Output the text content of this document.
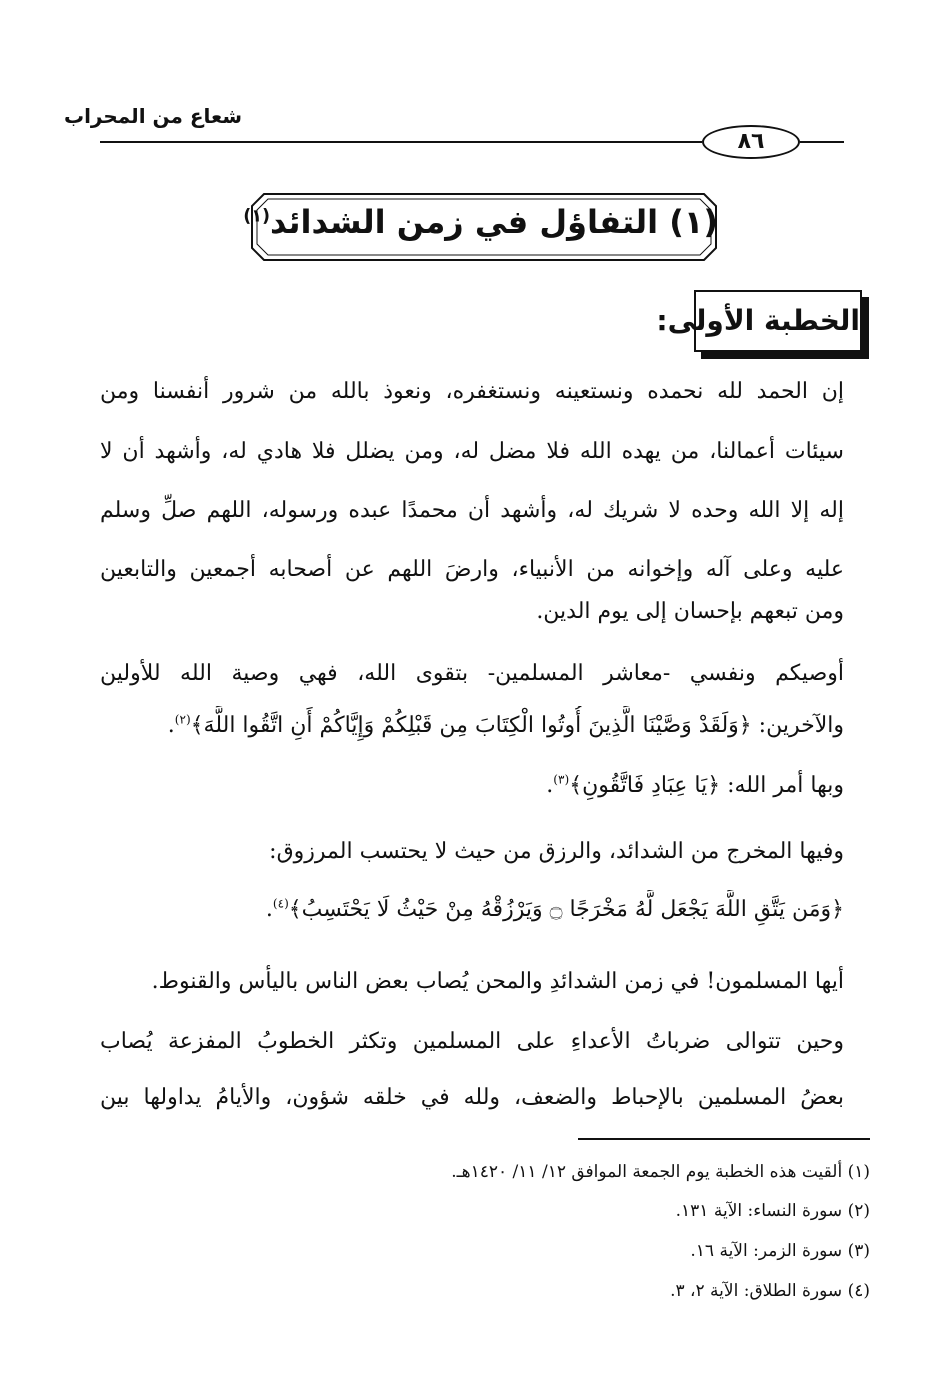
شعاع من المحراب
٨٦
(١) التفاؤل في زمن الشدائد$^{(١)}$
الخطبة الأولى:
إن الحمد لله نحمده ونستعينه ونستغفره، ونعوذ بالله من شرور أنفسنا ومن
سيئات أعمالنا، من يهده الله فلا مضل له، ومن يضلل فلا هادي له، وأشهد أن لا
إله إلا الله وحده لا شريك له، وأشهد أن محمدًا عبده ورسوله، اللهم صلِّ وسلم
عليه وعلى آله وإخوانه من الأنبياء، وارضَ اللهم عن أصحابه أجمعين والتابعين
ومن تبعهم بإحسان إلى يوم الدين.
أوصيكم ونفسي -معاشر المسلمين- بتقوى الله، فهي وصية الله للأولين
والآخرين: ﴿وَلَقَدْ وَصَّيْنَا الَّذِينَ أُوتُوا الْكِتَابَ مِن قَبْلِكُمْ وَإِيَّاكُمْ أَنِ اتَّقُوا اللَّهَ﴾$^{(٢)}$.
وبها أمر الله: ﴿يَا عِبَادِ فَاتَّقُونِ﴾$^{(٣)}$.
وفيها المخرج من الشدائد، والرزق من حيث لا يحتسب المرزوق:
﴿وَمَن يَتَّقِ اللَّهَ يَجْعَل لَّهُ مَخْرَجًا ۝ وَيَرْزُقْهُ مِنْ حَيْثُ لَا يَحْتَسِبُ﴾$^{(٤)}$.
أيها المسلمون! في زمن الشدائدِ والمحن يُصاب بعض الناس باليأس والقنوط.
وحين تتوالى ضرباتُ الأعداءِ على المسلمين وتكثر الخطوبُ المفزعة يُصاب
بعضُ المسلمين بالإحباط والضعف، ولله في خلقه شؤون، والأيامُ يداولها بين
(١) ألقيت هذه الخطبة يوم الجمعة الموافق ١٢/ ١١/ ١٤٢٠هـ.
(٢) سورة النساء: الآية ١٣١.
(٣) سورة الزمر: الآية ١٦.
(٤) سورة الطلاق: الآية ٢، ٣.
